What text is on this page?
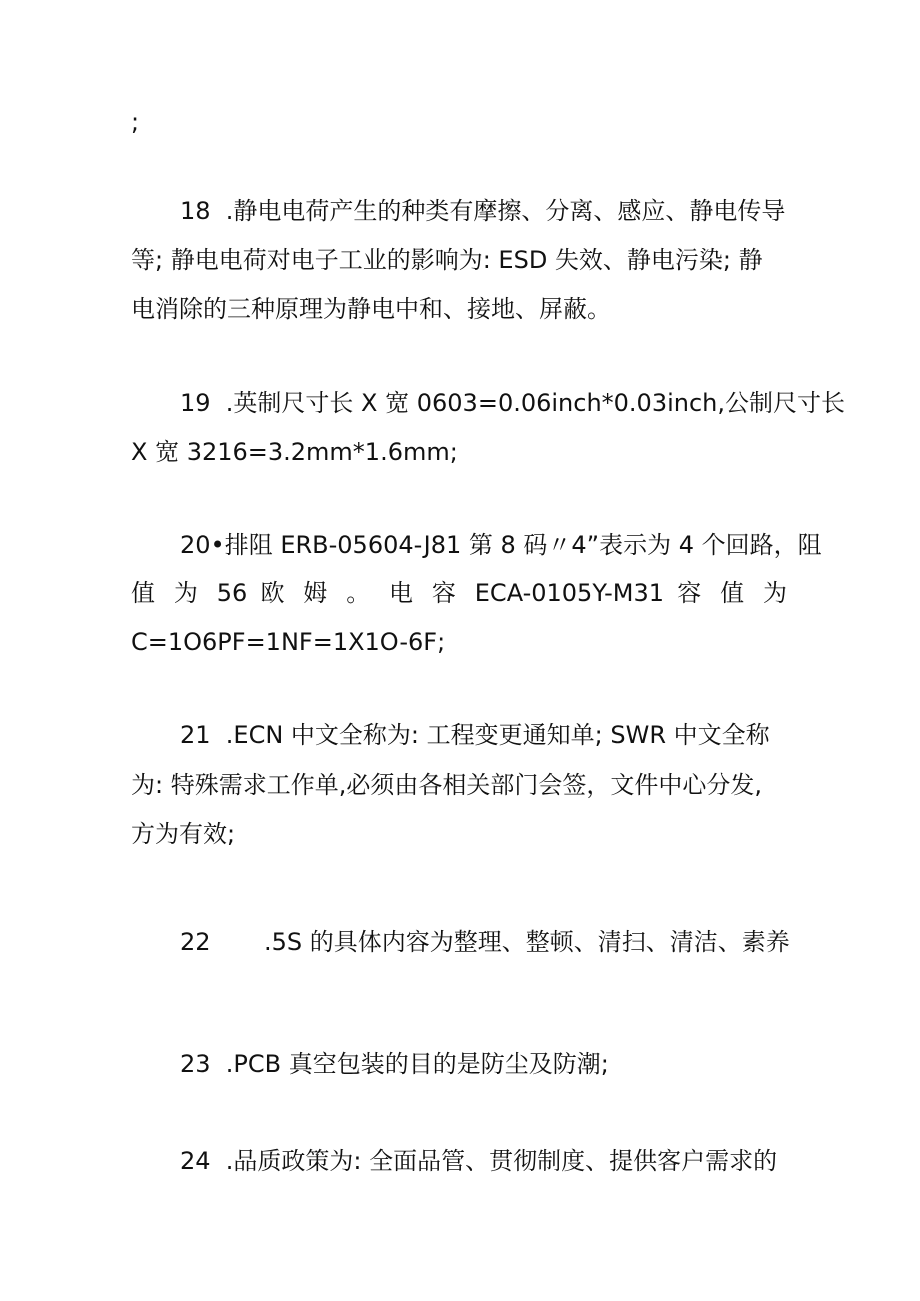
;

18  .静电电荷产生的种类有摩擦、分离、感应、静电传导

等; 静电电荷对电子工业的影响为: ESD 失效、静电污染; 静

电消除的三种原理为静电中和、接地、屏蔽。

19  .英制尺寸长 X 宽 0603=0.06inch*0.03inch,公制尺寸长

X 宽 3216=3.2mm*1.6mm;

20•排阻 ERB-05604-J81 第 8 码〃4”表示为 4 个回路，阻

值 为 56 欧 姆 。 电 容 ECA-0105Y-M31 容 值 为

C=1O6PF=1NF=1X1O-6F;

21  .ECN 中文全称为: 工程变更通知单; SWR 中文全称

为: 特殊需求工作单,必须由各相关部门会签，文件中心分发,

方为有效;

22       .5S 的具体内容为整理、整顿、清扫、清洁、素养

23  .PCB 真空包装的目的是防尘及防潮;

24  .品质政策为: 全面品管、贯彻制度、提供客户需求的
